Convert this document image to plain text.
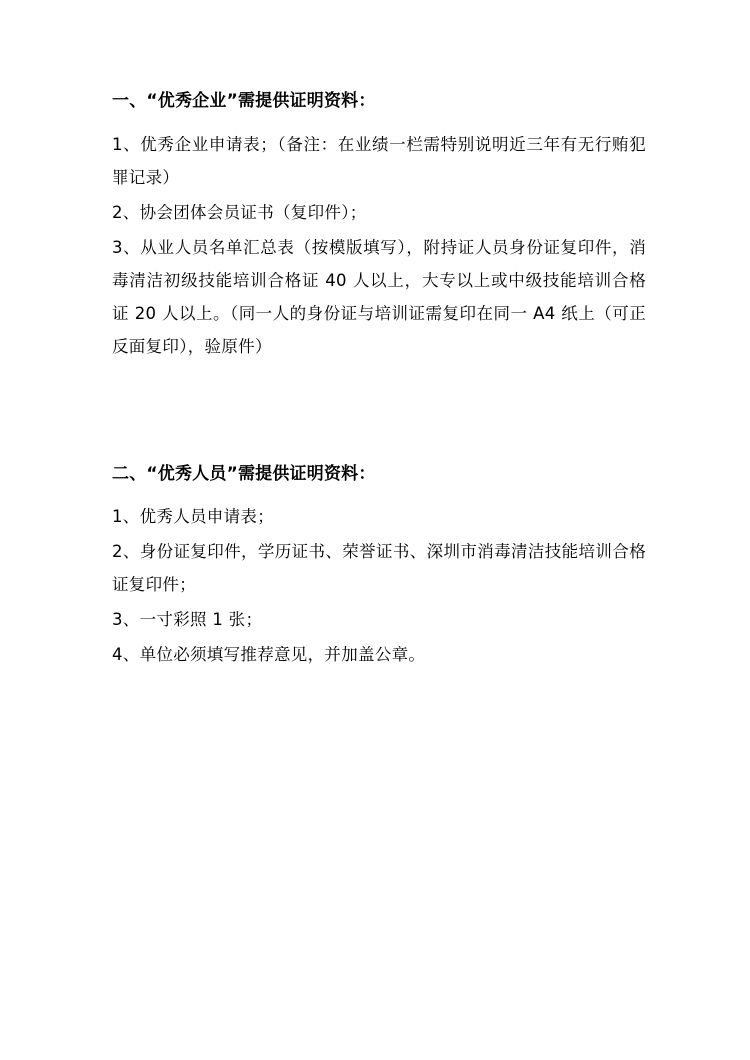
一、“优秀企业”需提供证明资料：

1、优秀企业申请表；（备注：在业绩一栏需特别说明近三年有无行贿犯罪记录）

2、协会团体会员证书（复印件）；

3、从业人员名单汇总表（按模版填写），附持证人员身份证复印件，消毒清洁初级技能培训合格证 40 人以上，大专以上或中级技能培训合格证 20 人以上。（同一人的身份证与培训证需复印在同一 A4 纸上（可正反面复印），验原件）

二、“优秀人员”需提供证明资料：

1、优秀人员申请表；

2、身份证复印件，学历证书、荣誉证书、深圳市消毒清洁技能培训合格证复印件；

3、一寸彩照 1 张；

4、单位必须填写推荐意见，并加盖公章。
